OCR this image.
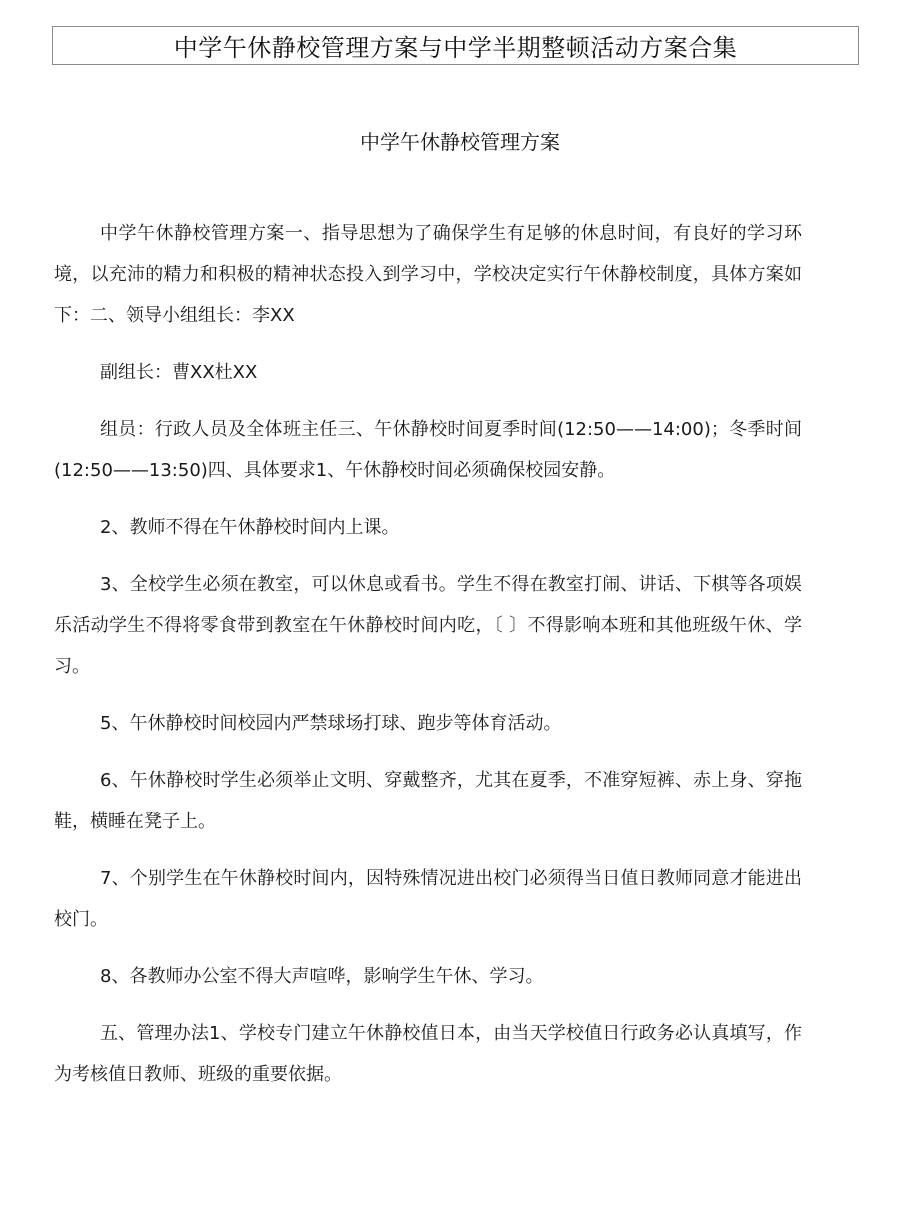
中学午休静校管理方案与中学半期整顿活动方案合集
中学午休静校管理方案

中学午休静校管理方案一、指导思想为了确保学生有足够的休息时间，有良好的学习环境，以充沛的精力和积极的精神状态投入到学习中，学校决定实行午休静校制度，具体方案如下：二、领导小组组长：李XX

副组长：曹XX杜XX

组员：行政人员及全体班主任三、午休静校时间夏季时间(12:50——14:00)；冬季时间(12:50——13:50)四、具体要求1、午休静校时间必须确保校园安静。

2、教师不得在午休静校时间内上课。

3、全校学生必须在教室，可以休息或看书。学生不得在教室打闹、讲话、下棋等各项娱乐活动学生不得将零食带到教室在午休静校时间内吃，〔 〕不得影响本班和其他班级午休、学习。

5、午休静校时间校园内严禁球场打球、跑步等体育活动。

6、午休静校时学生必须举止文明、穿戴整齐，尤其在夏季，不准穿短裤、赤上身、穿拖鞋，横睡在凳子上。

7、个别学生在午休静校时间内，因特殊情况进出校门必须得当日值日教师同意才能进出校门。

8、各教师办公室不得大声喧哗，影响学生午休、学习。

五、管理办法1、学校专门建立午休静校值日本，由当天学校值日行政务必认真填写，作为考核值日教师、班级的重要依据。
